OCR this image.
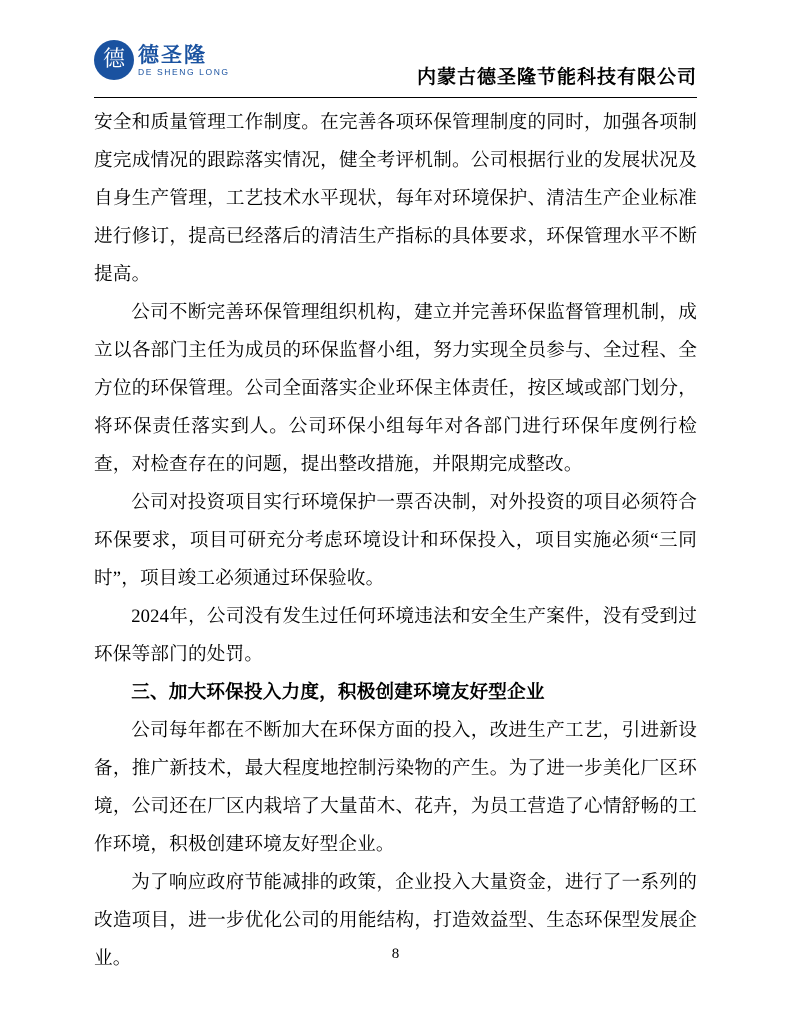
德 德圣隆
DE SHENG LONG	内蒙古德圣隆节能科技有限公司

安全和质量管理工作制度。在完善各项环保管理制度的同时，加强各项制度完成情况的跟踪落实情况，健全考评机制。公司根据行业的发展状况及自身生产管理，工艺技术水平现状，每年对环境保护、清洁生产企业标准进行修订，提高已经落后的清洁生产指标的具体要求，环保管理水平不断提高。

公司不断完善环保管理组织机构，建立并完善环保监督管理机制，成立以各部门主任为成员的环保监督小组，努力实现全员参与、全过程、全方位的环保管理。公司全面落实企业环保主体责任，按区域或部门划分，将环保责任落实到人。公司环保小组每年对各部门进行环保年度例行检查，对检查存在的问题，提出整改措施，并限期完成整改。

公司对投资项目实行环境保护一票否决制，对外投资的项目必须符合环保要求，项目可研充分考虑环境设计和环保投入，项目实施必须“三同时”，项目竣工必须通过环保验收。

2024年，公司没有发生过任何环境违法和安全生产案件，没有受到过环保等部门的处罚。

三、加大环保投入力度，积极创建环境友好型企业

公司每年都在不断加大在环保方面的投入，改进生产工艺，引进新设备，推广新技术，最大程度地控制污染物的产生。为了进一步美化厂区环境，公司还在厂区内栽培了大量苗木、花卉，为员工营造了心情舒畅的工作环境，积极创建环境友好型企业。

为了响应政府节能减排的政策，企业投入大量资金，进行了一系列的改造项目，进一步优化公司的用能结构，打造效益型、生态环保型发展企业。	8
